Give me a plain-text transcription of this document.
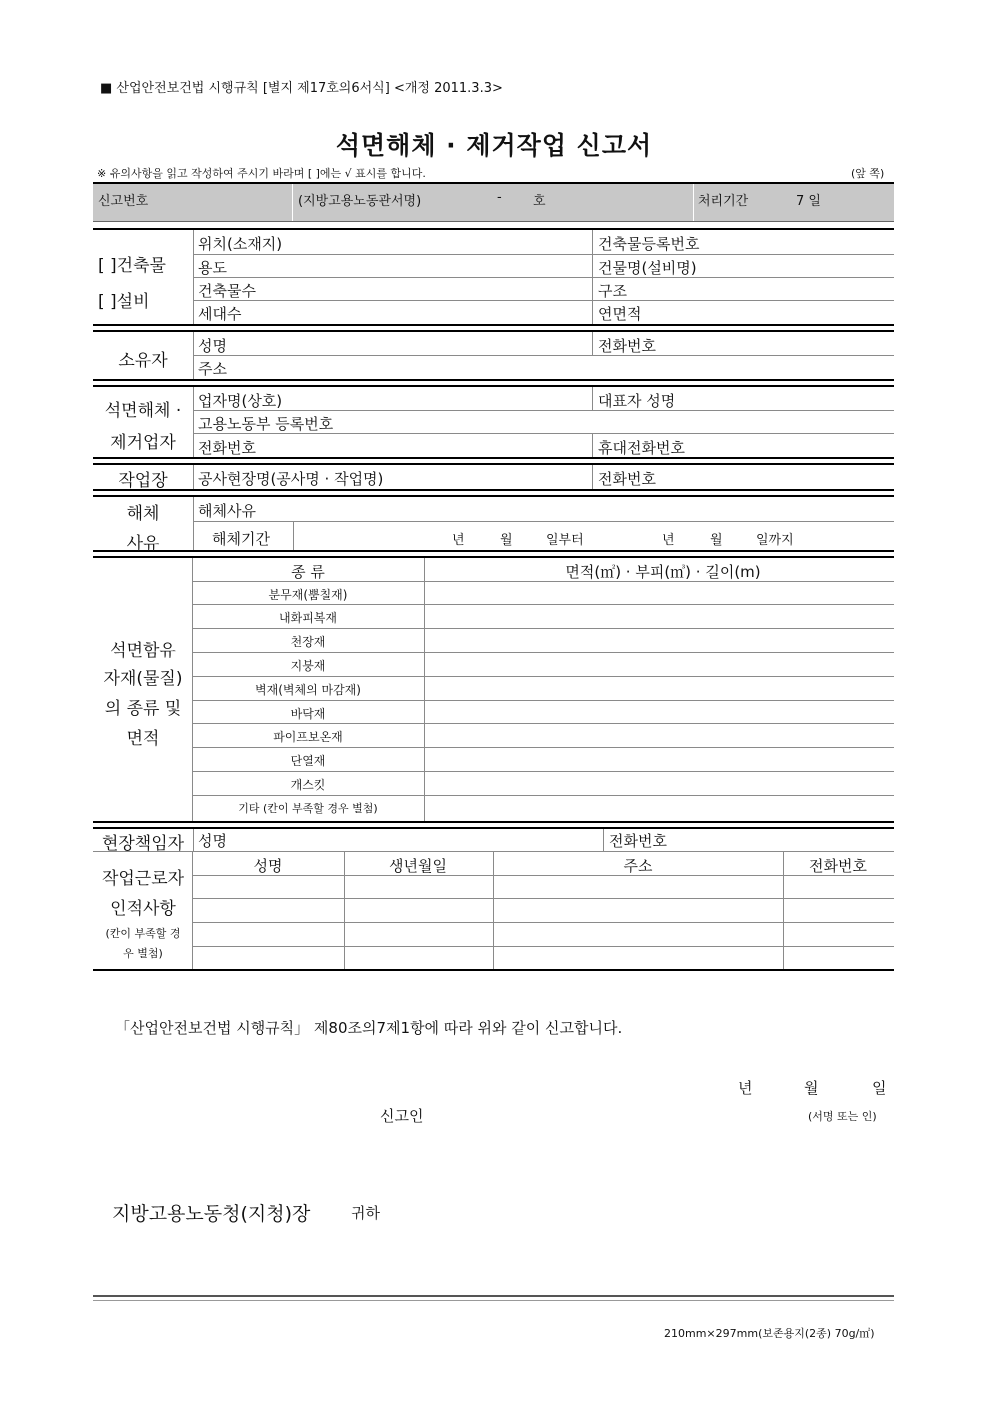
■ 산업안전보건법 시행규칙 [별지 제17호의6서식] <개정 2011.3.3>
석면해체 · 제거작업 신고서
※ 유의사항을 읽고 작성하여 주시기 바라며 [ ]에는 √ 표시를 합니다.	(앞 쪽)
신고번호	(지방고용노동관서명)	- 호	처리기간	7 일
[ ]건축물
[ ]설비
위치(소재지)	건축물등록번호
용도	건물명(설비명)
건축물수	구조
세대수	연면적
소유자
성명	전화번호
주소
석면해체 ·
제거업자
업자명(상호)	대표자 성명
고용노동부 등록번호
전화번호	휴대전화번호
작업장 공사현장명(공사명 · 작업명)	전화번호
해체
사유
해체사유
해체기간	년	월	일부터	년	월	일까지
석면함유
자재(물질)
의 종류 및
면적
종 류	면적(㎡) · 부피(㎥) · 길이(m)
분무재(뿜칠재)
내화피복재
천장재
지붕재
벽재(벽체의 마감재)
바닥재
파이프보온재
단열재
개스킷
기타 (칸이 부족할 경우 별첨)
현장책임자 성명	전화번호
작업근로자
인적사항
(칸이 부족할 경
우 별첨)
성명	생년월일	주소	전화번호
「산업안전보건법 시행규칙」 제80조의7제1항에 따라 위와 같이 신고합니다.
년	월	일
신고인	(서명 또는 인)
지방고용노동청(지청)장	귀하
210mm×297mm(보존용지(2종) 70g/㎡)
